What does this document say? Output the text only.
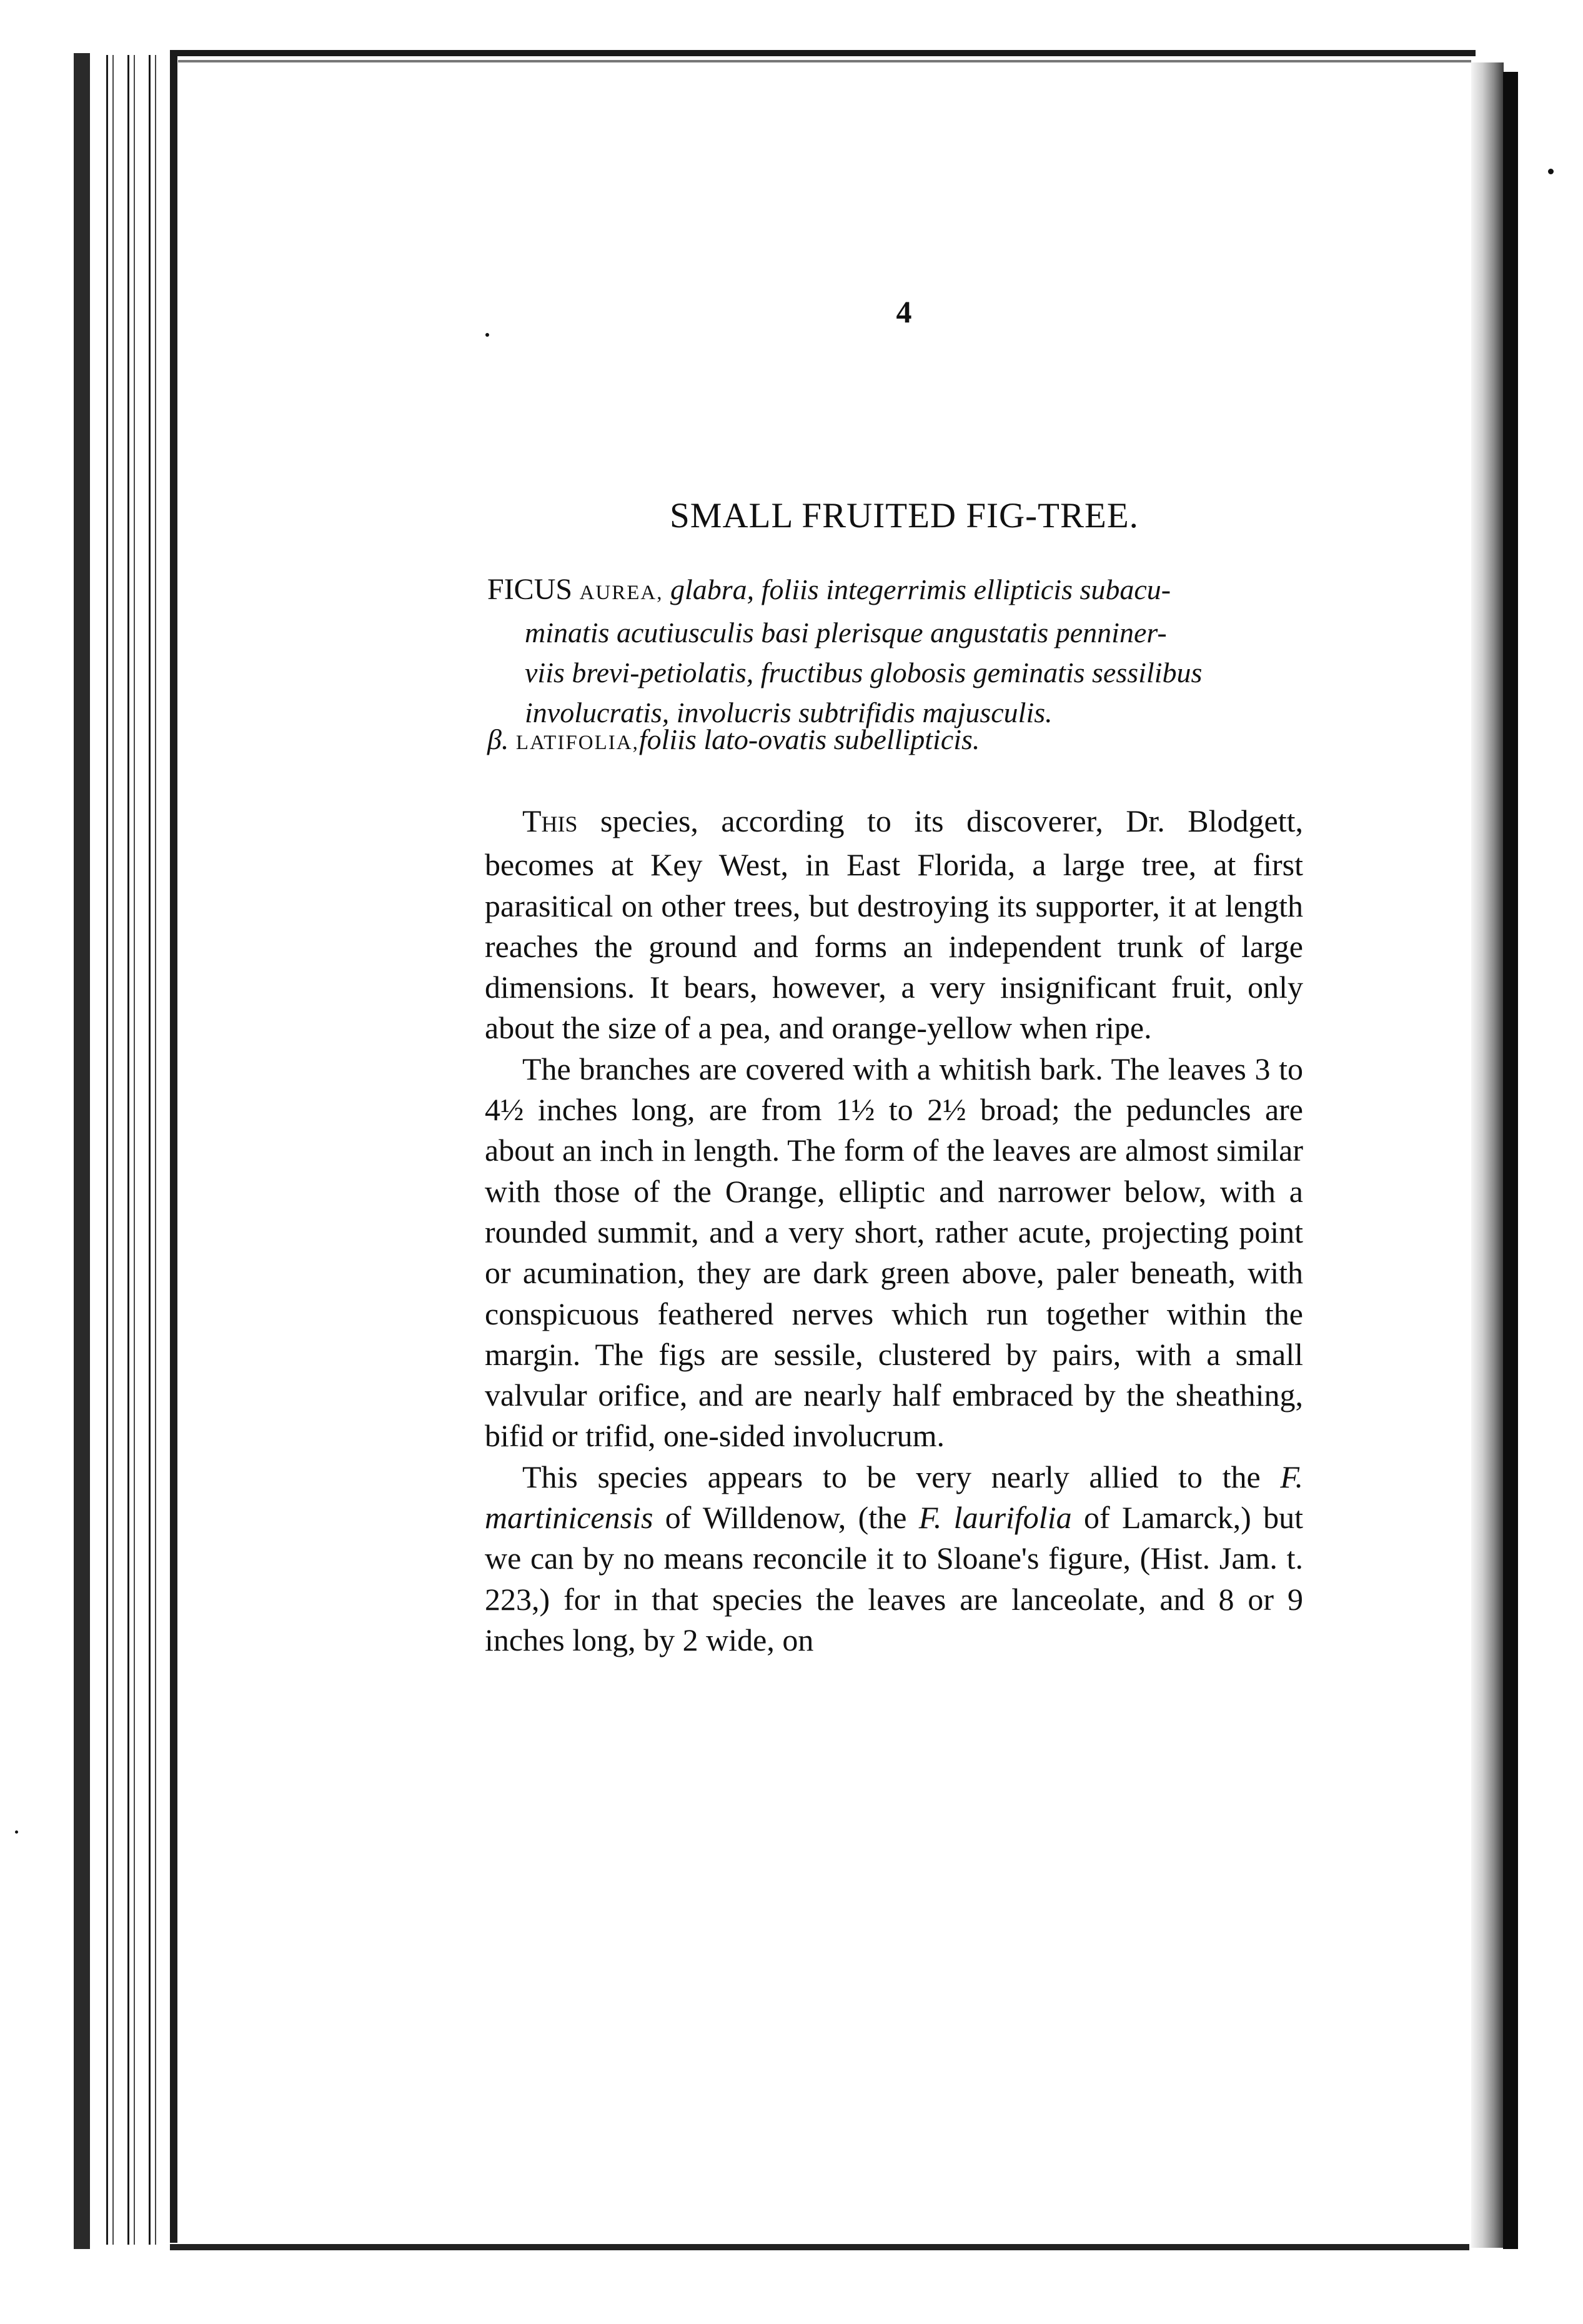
4
SMALL FRUITED FIG-TREE.
FICUS AUREA, glabra, foliis integerrimis ellipticis subacu-
minatis acutiusculis basi plerisque angustatis penniner-
viis brevi-petiolatis, fructibus globosis geminatis sessilibus
involucratis, involucris subtrifidis majusculis.
β. LATIFOLIA,foliis lato-ovatis subellipticis.

THIS species, according to its discoverer, Dr. Blodgett, becomes at Key West, in East Florida, a large tree, at first parasitical on other trees, but destroying its supporter, it at length reaches the ground and forms an independent trunk of large dimensions. It bears, however, a very insignificant fruit, only about the size of a pea, and orange-yellow when ripe.

The branches are covered with a whitish bark. The leaves 3 to 4½ inches long, are from 1½ to 2½ broad; the peduncles are about an inch in length. The form of the leaves are almost similar with those of the Orange, elliptic and narrower below, with a rounded summit, and a very short, rather acute, projecting point or acumination, they are dark green above, paler beneath, with conspicuous feathered nerves which run together within the margin. The figs are sessile, clustered by pairs, with a small valvular orifice, and are nearly half embraced by the sheathing, bifid or trifid, one-sided involucrum.

This species appears to be very nearly allied to the F. martinicensis of Willdenow, (the F. laurifolia of Lamarck,) but we can by no means reconcile it to Sloane's figure, (Hist. Jam. t. 223,) for in that species the leaves are lanceolate, and 8 or 9 inches long, by 2 wide, on
